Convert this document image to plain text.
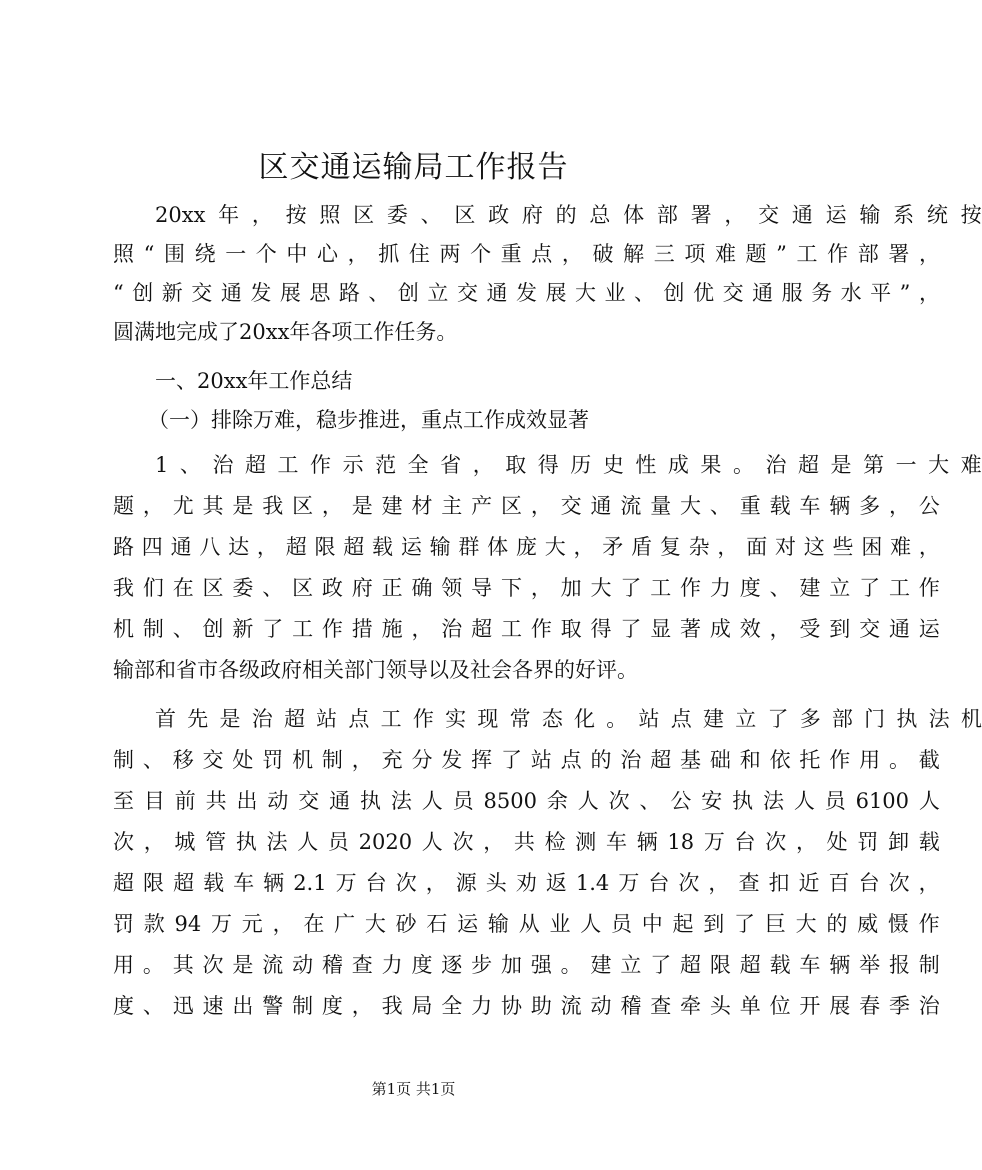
区交通运输局工作报告

20xx 年 ， 按 照 区 委 、 区 政 府 的 总 体 部 署 ， 交 通 运 输 系 统 按

照 “ 围 绕 一 个 中 心 ， 抓 住 两 个 重 点 ， 破 解 三 项 难 题 ” 工 作 部 署 ，

“ 创 新 交 通 发 展 思 路 、 创 立 交 通 发 展 大 业 、 创 优 交 通 服 务 水 平 ” ，

圆满地完成了20xx年各项工作任务。

一、20xx年工作总结

（一）排除万难，稳步推进，重点工作成效显著

1 、 治 超 工 作 示 范 全 省 ， 取 得 历 史 性 成 果 。 治 超 是 第 一 大 难

题 ， 尤 其 是 我 区 ， 是 建 材 主 产 区 ， 交 通 流 量 大 、 重 载 车 辆 多 ， 公

路 四 通 八 达 ， 超 限 超 载 运 输 群 体 庞 大 ， 矛 盾 复 杂 ， 面 对 这 些 困 难 ，

我 们 在 区 委 、 区 政 府 正 确 领 导 下 ， 加 大 了 工 作 力 度 、 建 立 了 工 作

机 制 、 创 新 了 工 作 措 施 ， 治 超 工 作 取 得 了 显 著 成 效 ， 受 到 交 通 运

输部和省市各级政府相关部门领导以及社会各界的好评。

首 先 是 治 超 站 点 工 作 实 现 常 态 化 。 站 点 建 立 了 多 部 门 执 法 机

制 、 移 交 处 罚 机 制 ， 充 分 发 挥 了 站 点 的 治 超 基 础 和 依 托 作 用 。 截

至 目 前 共 出 动 交 通 执 法 人 员 8500 余 人 次 、 公 安 执 法 人 员 6100 人

次 ， 城 管 执 法 人 员 2020 人 次 ， 共 检 测 车 辆 18 万 台 次 ， 处 罚 卸 载

超 限 超 载 车 辆 2.1 万 台 次 ， 源 头 劝 返 1.4 万 台 次 ， 查 扣 近 百 台 次 ，

罚 款 94 万 元 ， 在 广 大 砂 石 运 输 从 业 人 员 中 起 到 了 巨 大 的 威 慑 作

用 。 其 次 是 流 动 稽 查 力 度 逐 步 加 强 。 建 立 了 超 限 超 载 车 辆 举 报 制

度 、 迅 速 出 警 制 度 ， 我 局 全 力 协 助 流 动 稽 查 牵 头 单 位 开 展 春 季 治

第1页 共1页
